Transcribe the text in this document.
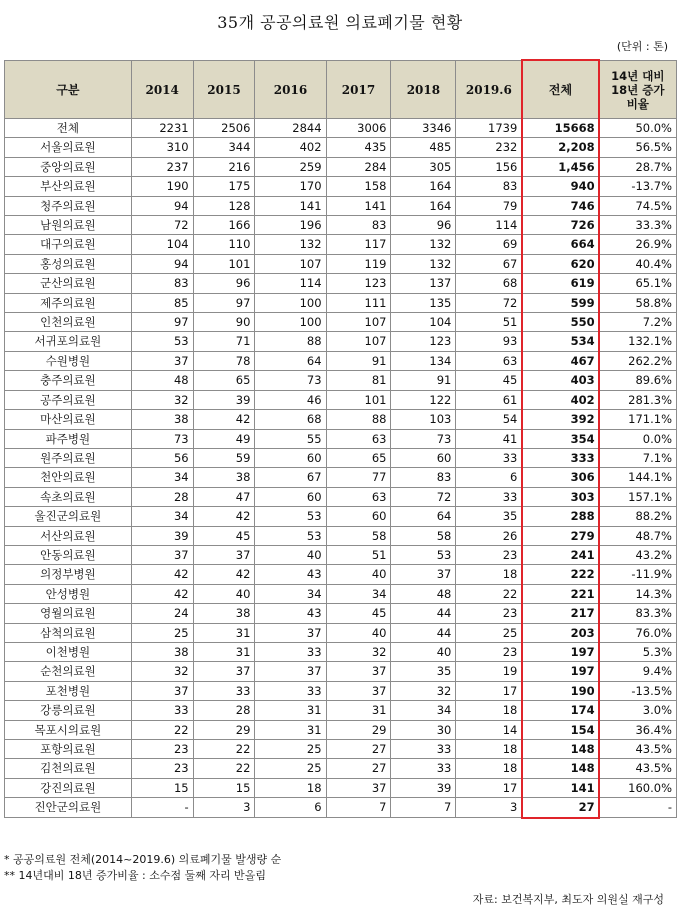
35개 공공의료원 의료폐기물 현황
(단위 : 톤)
구분	2014	2015	2016	2017	2018	2019.6	전체	14년 대비 18년 증가 비율
전체	2231	2506	2844	3006	3346	1739	15668	50.0%
서울의료원	310	344	402	435	485	232	2,208	56.5%
중앙의료원	237	216	259	284	305	156	1,456	28.7%
부산의료원	190	175	170	158	164	83	940	-13.7%
청주의료원	94	128	141	141	164	79	746	74.5%
남원의료원	72	166	196	83	96	114	726	33.3%
대구의료원	104	110	132	117	132	69	664	26.9%
홍성의료원	94	101	107	119	132	67	620	40.4%
군산의료원	83	96	114	123	137	68	619	65.1%
제주의료원	85	97	100	111	135	72	599	58.8%
인천의료원	97	90	100	107	104	51	550	7.2%
서귀포의료원	53	71	88	107	123	93	534	132.1%
수원병원	37	78	64	91	134	63	467	262.2%
충주의료원	48	65	73	81	91	45	403	89.6%
공주의료원	32	39	46	101	122	61	402	281.3%
마산의료원	38	42	68	88	103	54	392	171.1%
파주병원	73	49	55	63	73	41	354	0.0%
원주의료원	56	59	60	65	60	33	333	7.1%
천안의료원	34	38	67	77	83	6	306	144.1%
속초의료원	28	47	60	63	72	33	303	157.1%
울진군의료원	34	42	53	60	64	35	288	88.2%
서산의료원	39	45	53	58	58	26	279	48.7%
안동의료원	37	37	40	51	53	23	241	43.2%
의정부병원	42	42	43	40	37	18	222	-11.9%
안성병원	42	40	34	34	48	22	221	14.3%
영월의료원	24	38	43	45	44	23	217	83.3%
삼척의료원	25	31	37	40	44	25	203	76.0%
이천병원	38	31	33	32	40	23	197	5.3%
순천의료원	32	37	37	37	35	19	197	9.4%
포천병원	37	33	33	37	32	17	190	-13.5%
강릉의료원	33	28	31	31	34	18	174	3.0%
목포시의료원	22	29	31	29	30	14	154	36.4%
포항의료원	23	22	25	27	33	18	148	43.5%
김천의료원	23	22	25	27	33	18	148	43.5%
강진의료원	15	15	18	37	39	17	141	160.0%
진안군의료원	-	3	6	7	7	3	27	-
* 공공의료원 전체(2014~2019.6) 의료폐기물 발생량 순
** 14년대비 18년 증가비율 : 소수점 둘째 자리 반올림
자료: 보건복지부, 최도자 의원실 재구성
